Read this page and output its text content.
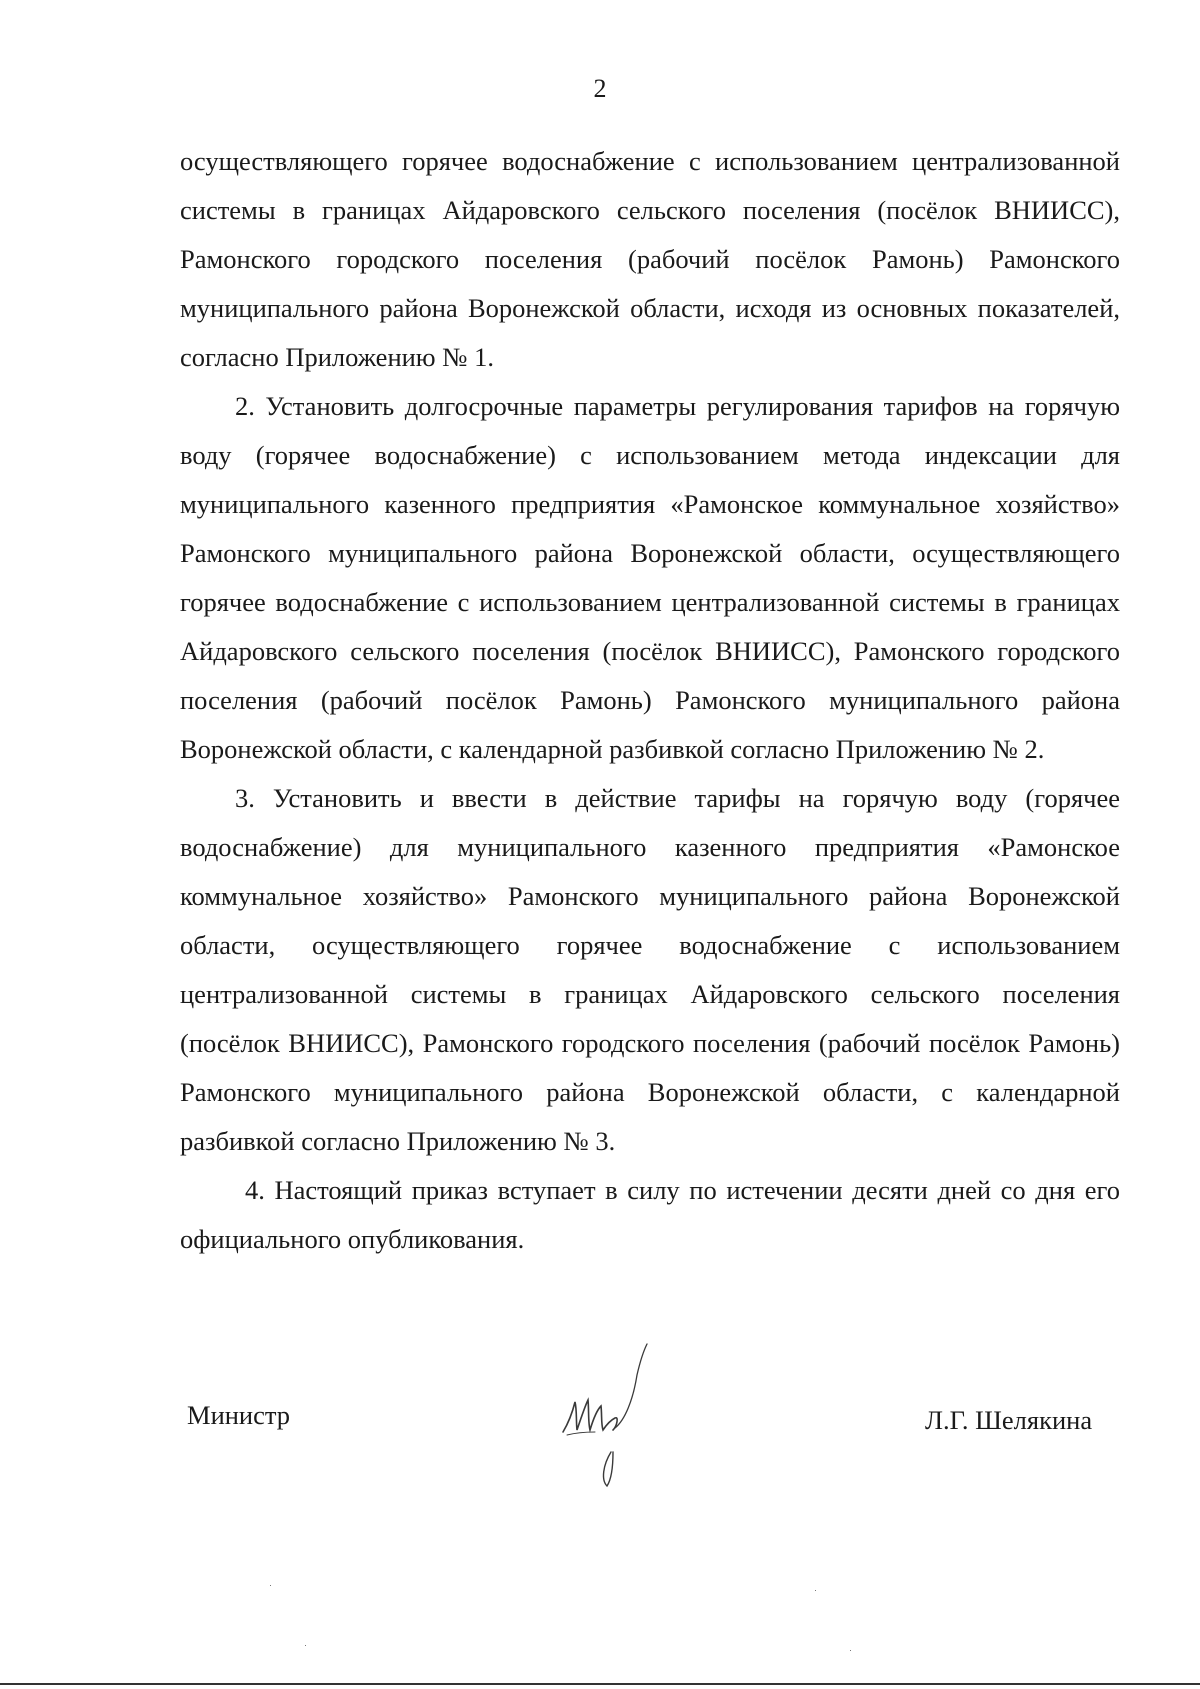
2

осуществляющего горячее водоснабжение с использованием централизованной системы в границах Айдаровского сельского поселения (посёлок ВНИИСС), Рамонского городского поселения (рабочий посёлок Рамонь) Рамонского муниципального района Воронежской области, исходя из основных показателей, согласно Приложению № 1.

2. Установить долгосрочные параметры регулирования тарифов на горячую воду (горячее водоснабжение) с использованием метода индексации для муниципального казенного предприятия «Рамонское коммунальное хозяйство» Рамонского муниципального района Воронежской области, осуществляющего горячее водоснабжение с использованием централизованной системы в границах Айдаровского сельского поселения (посёлок ВНИИСС), Рамонского городского поселения (рабочий посёлок Рамонь) Рамонского муниципального района Воронежской области, с календарной разбивкой согласно Приложению № 2.

3. Установить и ввести в действие тарифы на горячую воду (горячее водоснабжение) для муниципального казенного предприятия «Рамонское коммунальное хозяйство» Рамонского муниципального района Воронежской области, осуществляющего горячее водоснабжение с использованием централизованной системы в границах Айдаровского сельского поселения (посёлок ВНИИСС), Рамонского городского поселения (рабочий посёлок Рамонь) Рамонского муниципального района Воронежской области, с календарной разбивкой согласно Приложению № 3.

4. Настоящий приказ вступает в силу по истечении десяти дней со дня его официального опубликования.

Министр	Л.Г. Шелякина
